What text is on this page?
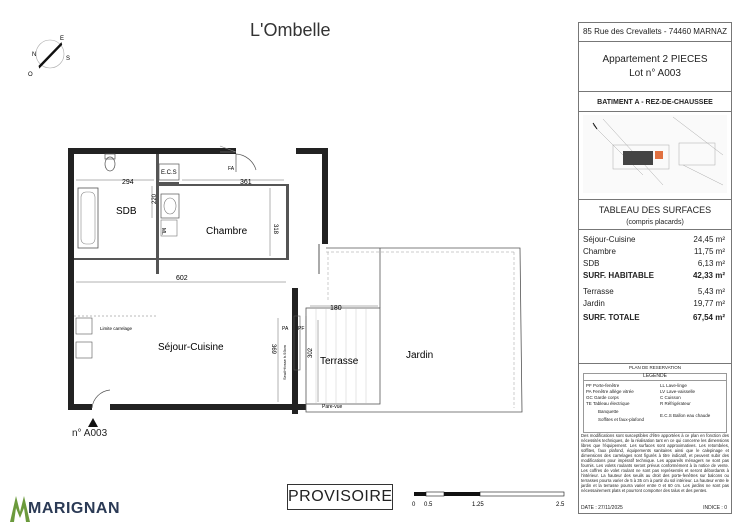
L'Ombelle
N
E
S
O
SDB
Chambre
Séjour-Cuisine
Terrasse
Jardin
294	361
602
180
220
318
369	302
E.C.S
FA
ML
PF
PA
Limite carrelage
Pare-vue
Seuil+fosse h.93cm
n° A003
85 Rue des Crevallets - 74460 MARNAZ
Appartement 2 PIECES
Lot n° A003
BATIMENT A - REZ-DE-CHAUSSEE
TABLEAU DES SURFACES
(compris placards)
Séjour-Cuisine	24,45 m²
Chambre	11,75 m²
SDB	6,13 m²
SURF. HABITABLE	42,33 m²
Terrasse	5,43 m²
Jardin	19,77 m²
SURF. TOTALE	67,54 m²
PLAN DE RESERVATION
LEGENDE
PF Porte-fenêtre
PA Fenêtre allège vitrée
GC Garde corps
TE Tableau électrique
LL Lave-linge
LV Lave-vaisselle
C Cuisson
R Réfrigérateur
Banquette
Soffites et faux-plafond
E.C.S Ballon eau chaude
Des modifications sont susceptibles d'être apportées à ce plan en fonction des nécessités techniques, de la réalisation tant en ce qui concerne les dimensions libres que l'équipement. Les surfaces sont approximatives. Les retombées, soffites, faux plafond, équipements sanitaires ainsi que le calepinage et dimensions des carrelages sont figurés à titre indicatif, et peuvent subir des modifications pour impératif technique. Les appareils ménagers ne sont pas fournis. Les volets roulants seront prévus conformément à la notice de vente. Les coffres de volet roulant ne sont pas représentés et seront débordants à l'intérieur. La hauteur des seuils au droit des porte-fenêtres sur balcons ou terrasses pourra varier de 5 à 35 cm à partir du sol intérieur. La hauteur entre le jardin et la terrasse pourra varier entre 0 et 60 cm. Les jardins ne sont pas nécessairement plats et pourront comporter des talus et des pentes.
DATE : 27/11/2025	INDICE : 0
MARIGNAN
PROVISOIRE	0 0.5	1.25	2.5
